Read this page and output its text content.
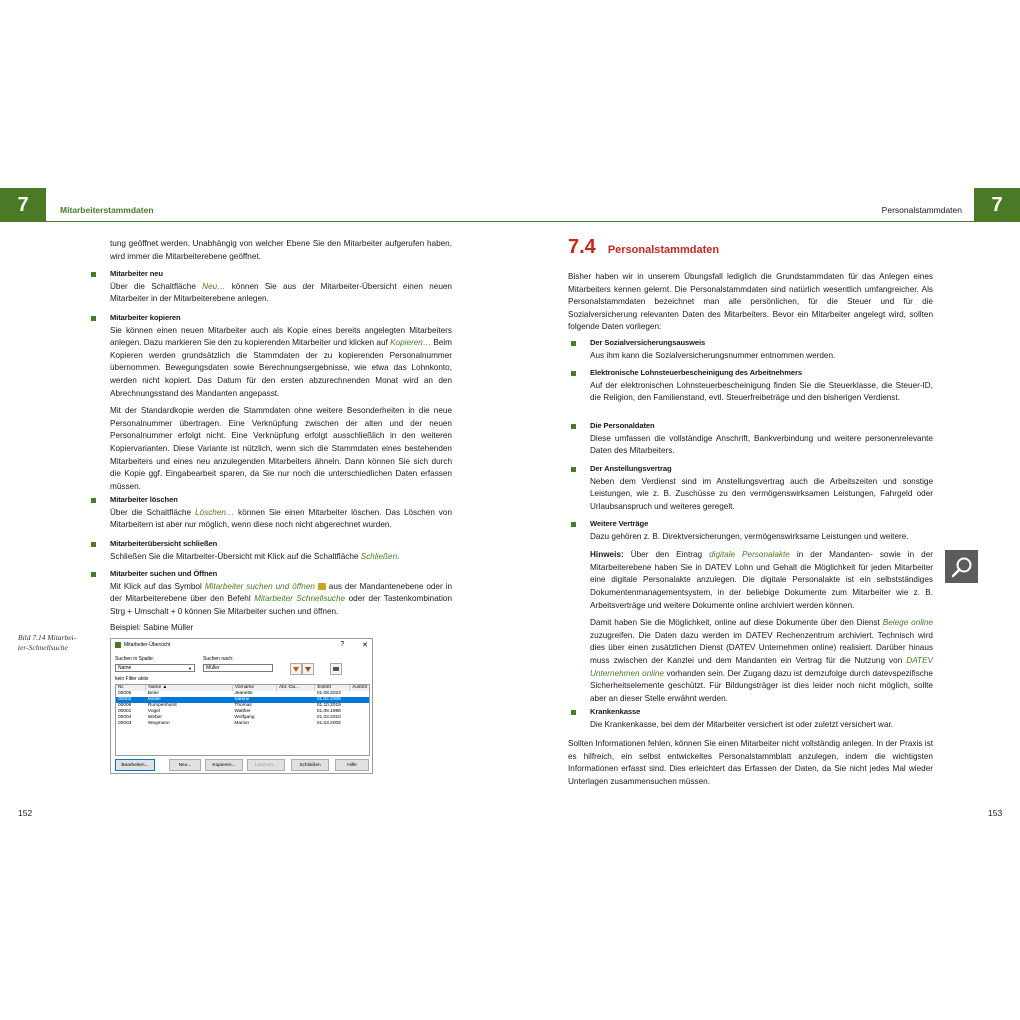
7	Mitarbeiterstammdaten	7
Personalstammdaten

tung geöffnet werden. Unabhängig von welcher Ebene Sie den Mitarbeiter aufgerufen haben, wird immer die Mitarbeiterebene geöffnet.

Mitarbeiter neu

Über die Schaltfläche Neu… können Sie aus der Mitarbeiter-Übersicht einen neuen Mitarbeiter in der Mitarbeiterebene anlegen.

Mitarbeiter kopieren

Sie können einen neuen Mitarbeiter auch als Kopie eines bereits angelegten Mitarbeiters anlegen. Dazu markieren Sie den zu kopierenden Mitarbeiter und klicken auf Kopieren… Beim Kopieren werden grundsätzlich die Stammdaten der zu kopierenden Personalnummer übernommen. Bewegungsdaten sowie Berechnungsergebnisse, wie etwa das Lohnkonto, werden nicht kopiert. Das Datum für den ersten abzurechnenden Monat wird an den Abrechnungsstand des Mandanten angepasst.

Mit der Standardkopie werden die Stammdaten ohne weitere Besonderheiten in die neue Personalnummer übertragen. Eine Verknüpfung zwischen der alten und der neuen Personalnummer erfolgt nicht. Eine Verknüpfung erfolgt ausschließlich in den weiteren Kopiervarianten. Diese Variante ist nützlich, wenn sich die Stammdaten eines bestehenden Mitarbeiters und eines neu anzulegenden Mitarbeiters ähneln. Dann können Sie sich durch die Kopie ggf. Eingabearbeit sparen, da Sie nur noch die unterschiedlichen Daten erfassen müssen.

Mitarbeiter löschen

Über die Schaltfläche Löschen… können Sie einen Mitarbeiter löschen. Das Löschen von Mitarbeitern ist aber nur möglich, wenn diese noch nicht abgerechnet wurden.

Mitarbeiterübersicht schließen

Schließen Sie die Mitarbeiter-Übersicht mit Klick auf die Schaltfläche Schließen.

Mitarbeiter suchen und Öffnen

Mit Klick auf das Symbol Mitarbeiter suchen und öffnen  aus der Mandantenebene oder in der Mitarbeiterebene über den Befehl Mitarbeiter Schnellsuche oder der Tastenkombination Strg + Umschalt + 0 können Sie Mitarbeiter suchen und öffnen.

Beispiel: Sabine Müller

Bild 7.14 Mitarbei-
ter-Schnellsuche	Mitarbeiter-Übersicht	?	✕
Suchen in Spalte:
Name	▼
Suchen nach:
Müller
kein Filter aktiv
Nr.	Name ▲	Vorname	Abr.-Da...	Eintritt	Austritt
00005	Beier	Jeanette		01.08.2023	
00002	Müller	Sabine		01.02.2006	
00006	Rumpenhorst	Thomas		01.10.2019	
00001	Vogel	Walther		01.08.1998	
00004	Weber	Wolfgang		01.03.2010	
00003	Wegmann	Marion		01.03.2006	
Bearbeiten...	Neu...	Kopieren...	Löschen...	Schließen	Hilfe
152
7.4 Personalstammdaten

Bisher haben wir in unserem Übungsfall lediglich die Grundstammdaten für das Anlegen eines Mitarbeiters kennen gelernt. Die Personalstammdaten sind natürlich wesentlich umfangreicher. Als Personalstammdaten bezeichnet man alle persönlichen, für die Steuer und für die Sozialversicherung relevanten Daten des Mitarbeiters. Bevor ein Mitarbeiter angelegt wird, sollten folgende Daten vorliegen:

Der Sozialversicherungsausweis

Aus ihm kann die Sozialversicherungsnummer entnommen werden.

Elektronische Lohnsteuerbescheinigung des Arbeitnehmers

Auf der elektronischen Lohnsteuerbescheinigung finden Sie die Steuerklasse, die Steuer-ID, die Religion, den Familienstand, evtl. Steuerfreibeträge und den bisherigen Verdienst.

Die Personaldaten

Diese umfassen die vollständige Anschrift, Bankverbindung und weitere personenrelevante Daten des Mitarbeiters.

Der Anstellungsvertrag

Neben dem Verdienst sind im Anstellungsvertrag auch die Arbeitszeiten und sonstige Leistungen, wie z. B. Zuschüsse zu den vermögenswirksamen Leistungen, Fahrgeld oder Urlaubsanspruch und weiteres geregelt.

Weitere Verträge

Dazu gehören z. B. Direktversicherungen, vermögenswirksame Leistungen und weitere.

Hinweis: Über den Eintrag digitale Personalakte in der Mandanten- sowie in der Mitarbeiterebene haben Sie in DATEV Lohn und Gehalt die Möglichkeit für jeden Mitarbeiter eine digitale Personalakte anzulegen. Die digitale Personalakte ist ein selbstständiges Dokumentenmanagementsystem, in der beliebige Dokumente zum Mitarbeiter wie z. B. Arbeitsverträge und weitere Dokumente online archiviert werden können.

Damit haben Sie die Möglichkeit, online auf diese Dokumente über den Dienst Belege online zuzugreifen. Die Daten dazu werden im DATEV Rechenzentrum archiviert. Technisch wird dies über einen zusätzlichen Dienst (DATEV Unternehmen online) realisiert. Darüber hinaus muss zwischen der Kanzlei und dem Mandanten ein Vertrag für die Nutzung von DATEV Unternehmen online vorhanden sein. Der Zugang dazu ist demzufolge durch datevspezifische Sicherheitselemente geschützt. Für Bildungsträger ist dies leider noch nicht möglich, sollte aber an dieser Stelle erwähnt werden.

Krankenkasse

Die Krankenkasse, bei dem der Mitarbeiter versichert ist oder zuletzt versichert war.

Sollten Informationen fehlen, können Sie einen Mitarbeiter nicht vollständig anlegen. In der Praxis ist es hilfreich, ein selbst entwickeltes Personalstammblatt anzulegen, indem die wichtigsten Informationen erfasst sind. Dies erleichtert das Erfassen der Daten, da Sie nicht jedes Mal wieder Unterlagen zusammensuchen müssen.

153
